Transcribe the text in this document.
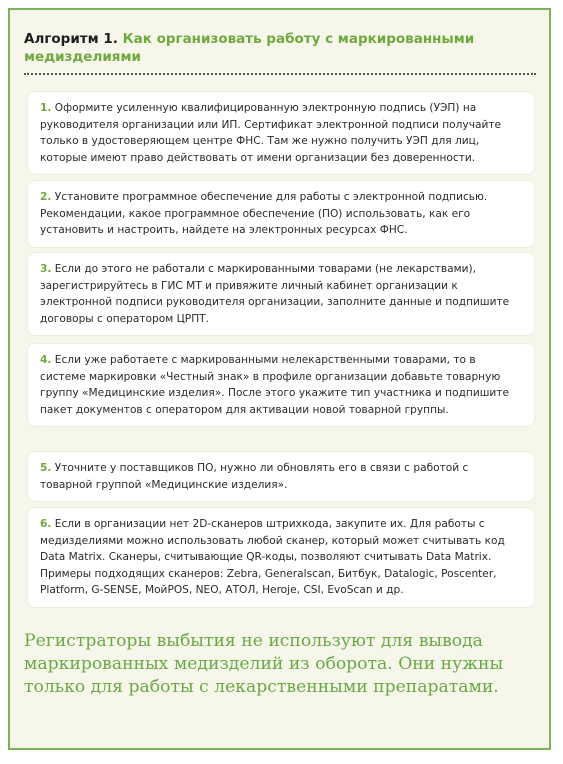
Алгоритм 1. Как организовать работу с маркированными медизделиями
1. Оформите усиленную квалифицированную электронную подпись (УЭП) на руководителя организации или ИП. Сертификат электронной подписи получайте только в удостоверяющем центре ФНС. Там же нужно получить УЭП для лиц, которые имеют право действовать от имени организации без доверенности.
2. Установите программное обеспечение для работы с электронной подписью. Рекомендации, какое программное обеспечение (ПО) использовать, как его установить и настроить, найдете на электронных ресурсах ФНС.
3. Если до этого не работали с маркированными товарами (не лекарствами), зарегистрируйтесь в ГИС МТ и привяжите личный кабинет организации к электронной подписи руководителя организации, заполните данные и подпишите договоры с оператором ЦРПТ.
4. Если уже работаете с маркированными нелекарственными товарами, то в системе маркировки «Честный знак» в профиле организации добавьте товарную группу «Медицинские изделия». После этого укажите тип участника и подпишите пакет документов с оператором для активации новой товарной группы.
5. Уточните у поставщиков ПО, нужно ли обновлять его в связи с работой с товарной группой «Медицинские изделия».
6. Если в организации нет 2D-сканеров штрихкода, закупите их. Для работы с медизделиями можно использовать любой сканер, который может считывать код Data Matrix. Сканеры, считывающие QR-коды, позволяют считывать Data Matrix. Примеры подходящих сканеров: Zebra, Generalscan, Битбук, Datalogic, Poscenter, Platform, G-SENSE, МойPOS, NEO, АТОЛ, Heroje, CSI, EvoScan и др.
Регистраторы выбытия не используют для вывода маркированных медизделий из оборота. Они нужны только для работы с лекарственными препаратами.
